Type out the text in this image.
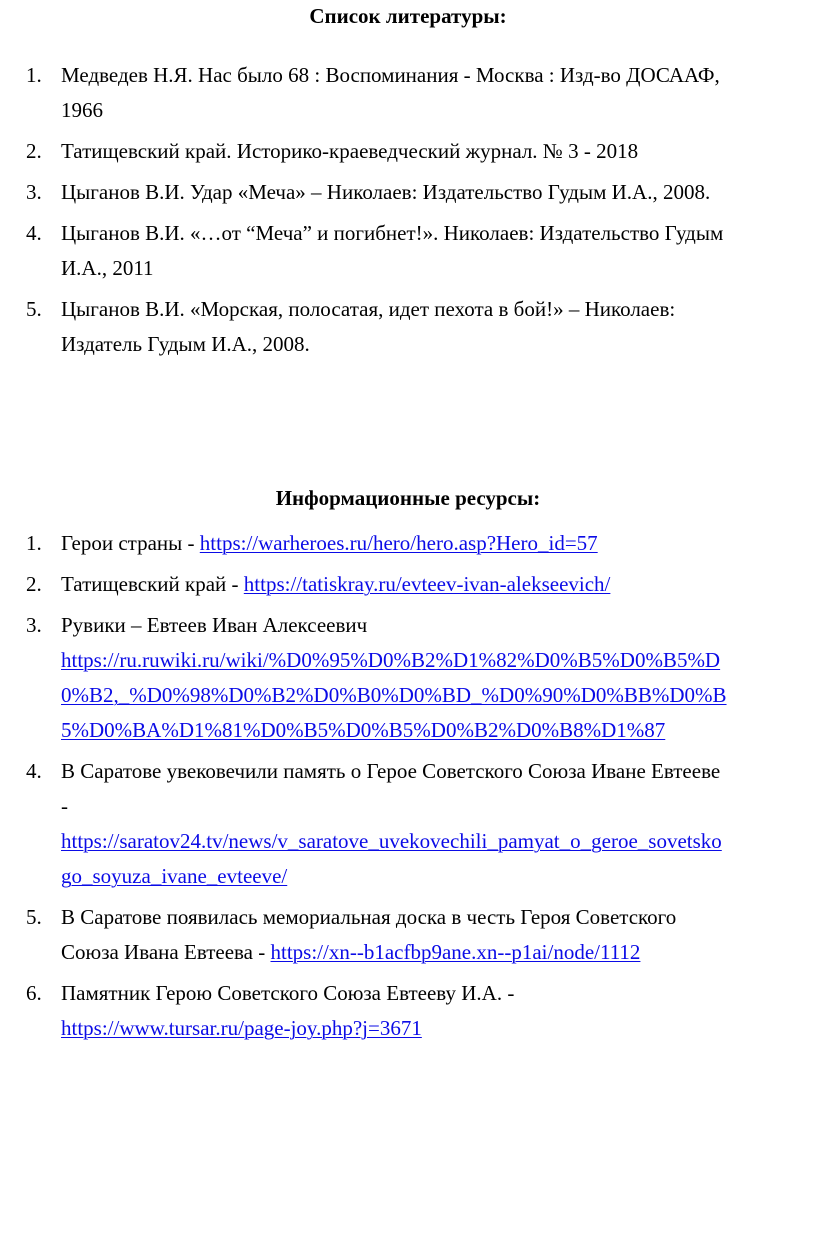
Список литературы:
1. Медведев Н.Я. Нас было 68 : Воспоминания - Москва : Изд-во ДОСААФ,
1966
2. Татищевский край. Историко-краеведческий журнал. № 3 - 2018
3. Цыганов В.И. Удар «Меча» – Николаев: Издательство Гудым И.А., 2008.
4. Цыганов В.И. «…от “Меча” и погибнет!». Николаев: Издательство Гудым
И.А., 2011
5. Цыганов В.И. «Морская, полосатая, идет пехота в бой!» – Николаев:
Издатель Гудым И.А., 2008.
Информационные ресурсы:
1. Герои страны - https://warheroes.ru/hero/hero.asp?Hero_id=57
2. Татищевский край - https://tatiskray.ru/evteev-ivan-alekseevich/
3. Рувики – Евтеев Иван Алексеевич
https://ru.ruwiki.ru/wiki/%D0%95%D0%B2%D1%82%D0%B5%D0%B5%D
0%B2,_%D0%98%D0%B2%D0%B0%D0%BD_%D0%90%D0%BB%D0%B
5%D0%BA%D1%81%D0%B5%D0%B5%D0%B2%D0%B8%D1%87
4. В Саратове увековечили память о Герое Советского Союза Иване Евтееве
-
https://saratov24.tv/news/v_saratove_uvekovechili_pamyat_o_geroe_sovetsko
go_soyuza_ivane_evteeve/
5. В Саратове появилась мемориальная доска в честь Героя Советского
Союза Ивана Евтеева - https://xn--b1acfbp9ane.xn--p1ai/node/1112
6. Памятник Герою Советского Союза Евтееву И.А. -
https://www.tursar.ru/page-joy.php?j=3671
